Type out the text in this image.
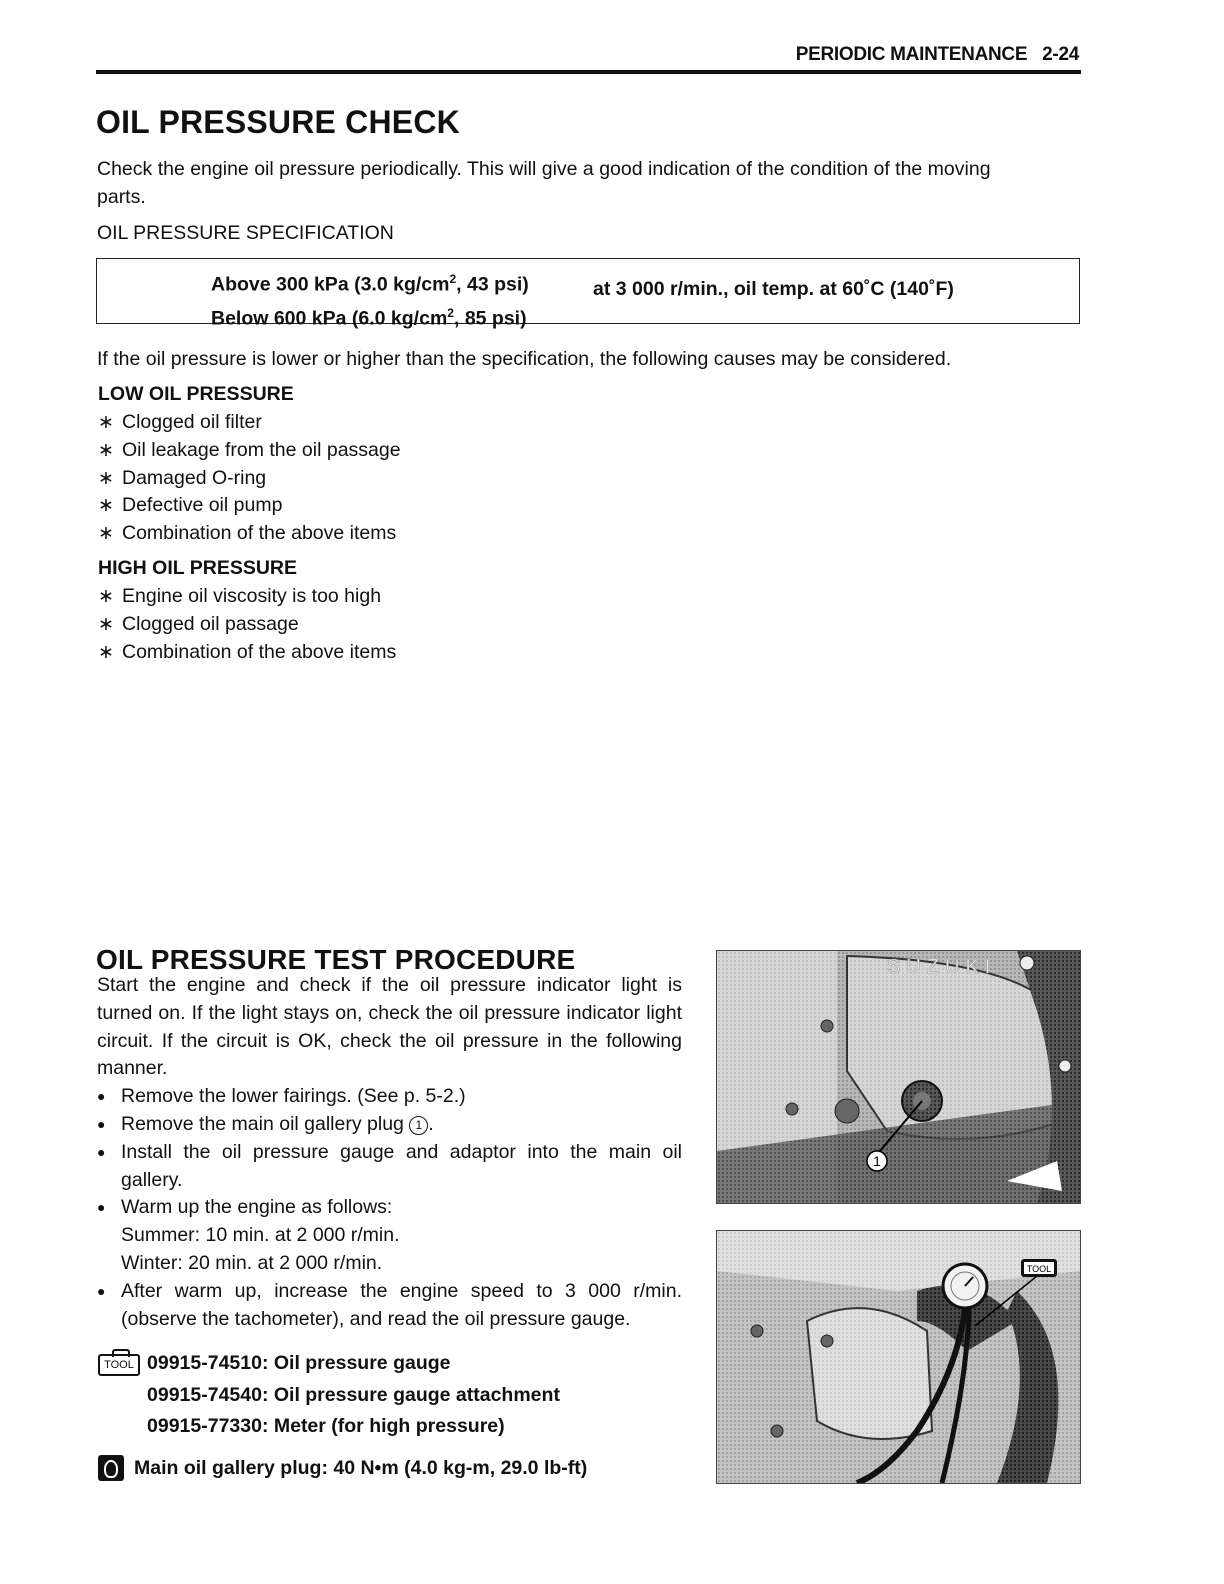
PERIODIC MAINTENANCE   2-24
OIL PRESSURE CHECK

Check the engine oil pressure periodically. This will give a good indication of the condition of the moving

parts.

OIL PRESSURE SPECIFICATION

Above 300 kPa (3.0 $kg/cm^2$, 43 psi)
Below 600 kPa (6.0 $kg/cm^2$, 85 psi)
at 3 000 r/min., oil temp. at 60˚C (140˚F)

If the oil pressure is lower or higher than the specification, the following causes may be considered.

LOW OIL PRESSURE
∗ Clogged oil filter
∗ Oil leakage from the oil passage
∗ Damaged O-ring
∗ Defective oil pump
∗ Combination of the above items
HIGH OIL PRESSURE
∗ Engine oil viscosity is too high
∗ Clogged oil passage
∗ Combination of the above items
OIL PRESSURE TEST PROCEDURE

Start the engine and check if the oil pressure indicator light is turned on. If the light stays on, check the oil pressure indicator light circuit. If the circuit is OK, check the oil pressure in the following manner.

● Remove the lower fairings. (See p. 5-2.)
● Remove the main oil gallery plug 1 .
● Install the oil pressure gauge and adaptor into the main oil gallery.
● Warm up the engine as follows:
Summer: 10 min. at 2 000 r/min.
Winter: 20 min. at 2 000 r/min.
● After warm up, increase the engine speed to 3 000 r/min. (observe the tachometer), and read the oil pressure gauge.
TOOL 09915-74510: Oil pressure gauge
09915-74540: Oil pressure gauge attachment
09915-77330: Meter (for high pressure)
Main oil gallery plug: 40 N•m (4.0 kg-m, 29.0 lb-ft)
SUZUKI
1
TOOL
